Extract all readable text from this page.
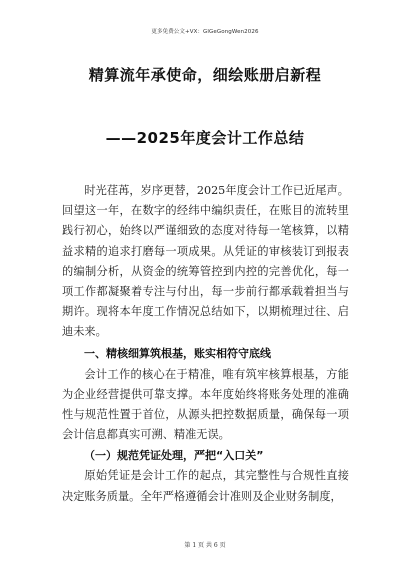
更多免费公文+VX：GlGeGongWen2026
精算流年承使命，细绘账册启新程
——2025年度会计工作总结

时光荏苒，岁序更替，2025年度会计工作已近尾声。回望这一年，在数字的经纬中编织责任，在账目的流转里践行初心，始终以严谨细致的态度对待每一笔核算，以精益求精的追求打磨每一项成果。从凭证的审核装订到报表的编制分析，从资金的统筹管控到内控的完善优化，每一项工作都凝聚着专注与付出，每一步前行都承载着担当与期许。现将本年度工作情况总结如下，以期梳理过往、启迪未来。

一、精核细算筑根基，账实相符守底线

会计工作的核心在于精准，唯有筑牢核算根基，方能为企业经营提供可靠支撑。本年度始终将账务处理的准确性与规范性置于首位，从源头把控数据质量，确保每一项会计信息都真实可溯、精准无误。

（一）规范凭证处理，严把“入口关”

原始凭证是会计工作的起点，其完整性与合规性直接决定账务质量。全年严格遵循会计准则及企业财务制度，

第 1 页 共 6 页
